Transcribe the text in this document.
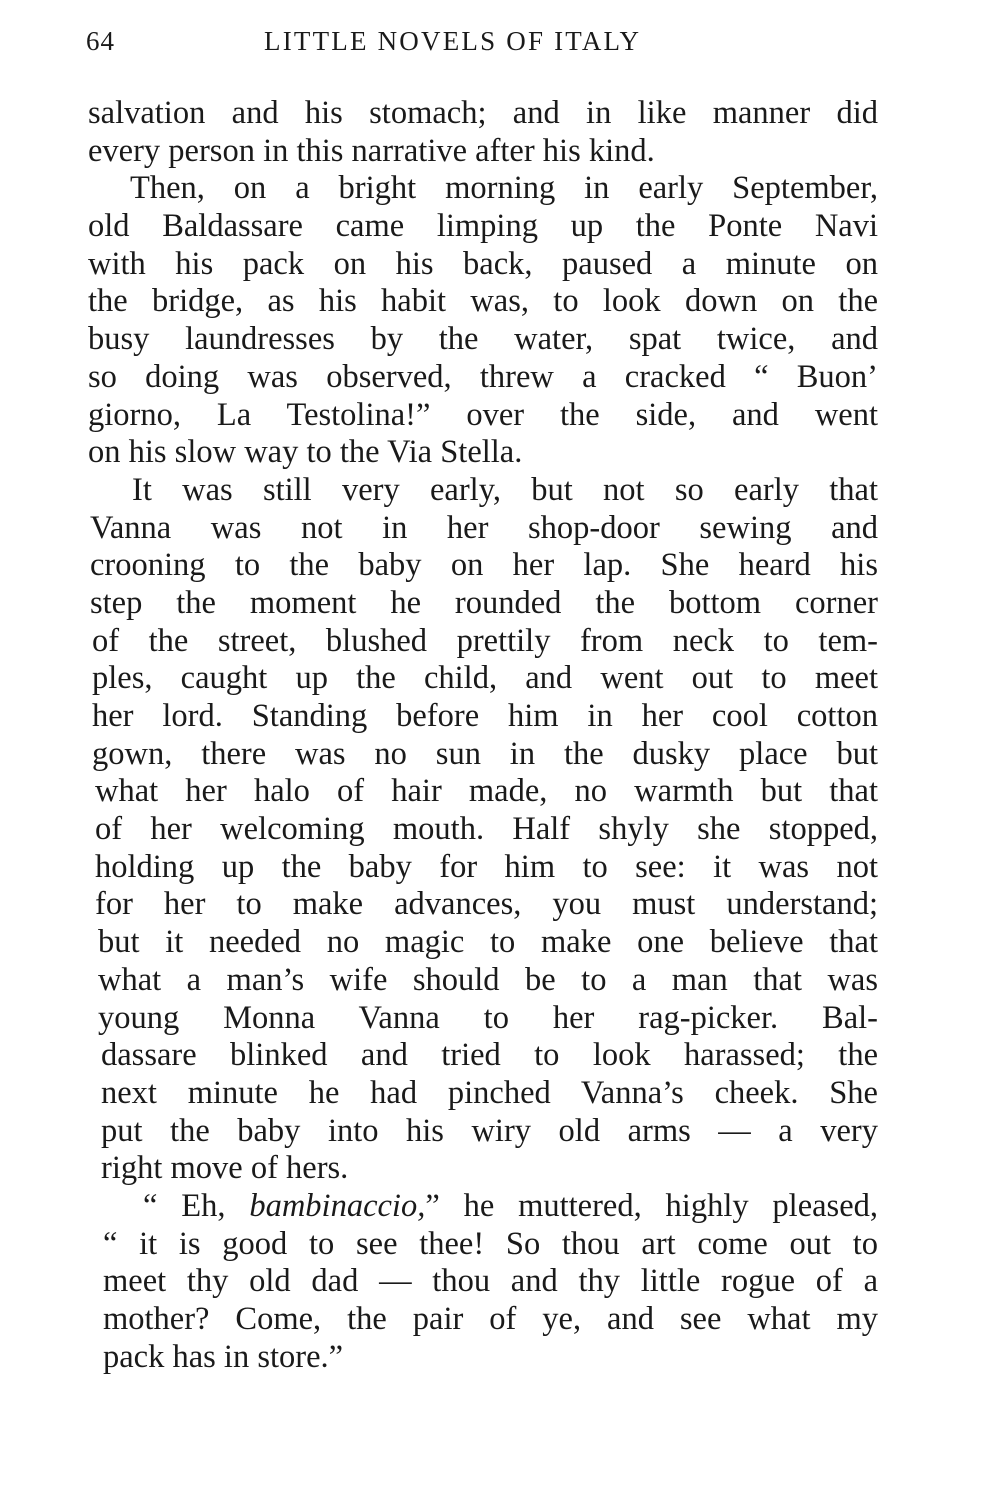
64	LITTLE NOVELS OF ITALY
salvation and his stomach; and in like manner did
every person in this narrative after his kind.
Then, on a bright morning in early September,
old Baldassare came limping up the Ponte Navi
with his pack on his back, paused a minute on
the bridge, as his habit was, to look down on the
busy laundresses by the water, spat twice, and
so doing was observed, threw a cracked “ Buon’
giorno, La Testolina!” over the side, and went
on his slow way to the Via Stella.
It was still very early, but not so early that
Vanna was not in her shop-door sewing and
crooning to the baby on her lap. She heard his
step the moment he rounded the bottom corner
of the street, blushed prettily from neck to tem-
ples, caught up the child, and went out to meet
her lord. Standing before him in her cool cotton
gown, there was no sun in the dusky place but
what her halo of hair made, no warmth but that
of her welcoming mouth. Half shyly she stopped,
holding up the baby for him to see: it was not
for her to make advances, you must understand;
but it needed no magic to make one believe that
what a man’s wife should be to a man that was
young Monna Vanna to her rag-picker. Bal-
dassare blinked and tried to look harassed; the
next minute he had pinched Vanna’s cheek. She
put the baby into his wiry old arms — a very
right move of hers.
“ Eh, bambinaccio,” he muttered, highly pleased,
“ it is good to see thee! So thou art come out to
meet thy old dad — thou and thy little rogue of a
mother? Come, the pair of ye, and see what my
pack has in store.”
